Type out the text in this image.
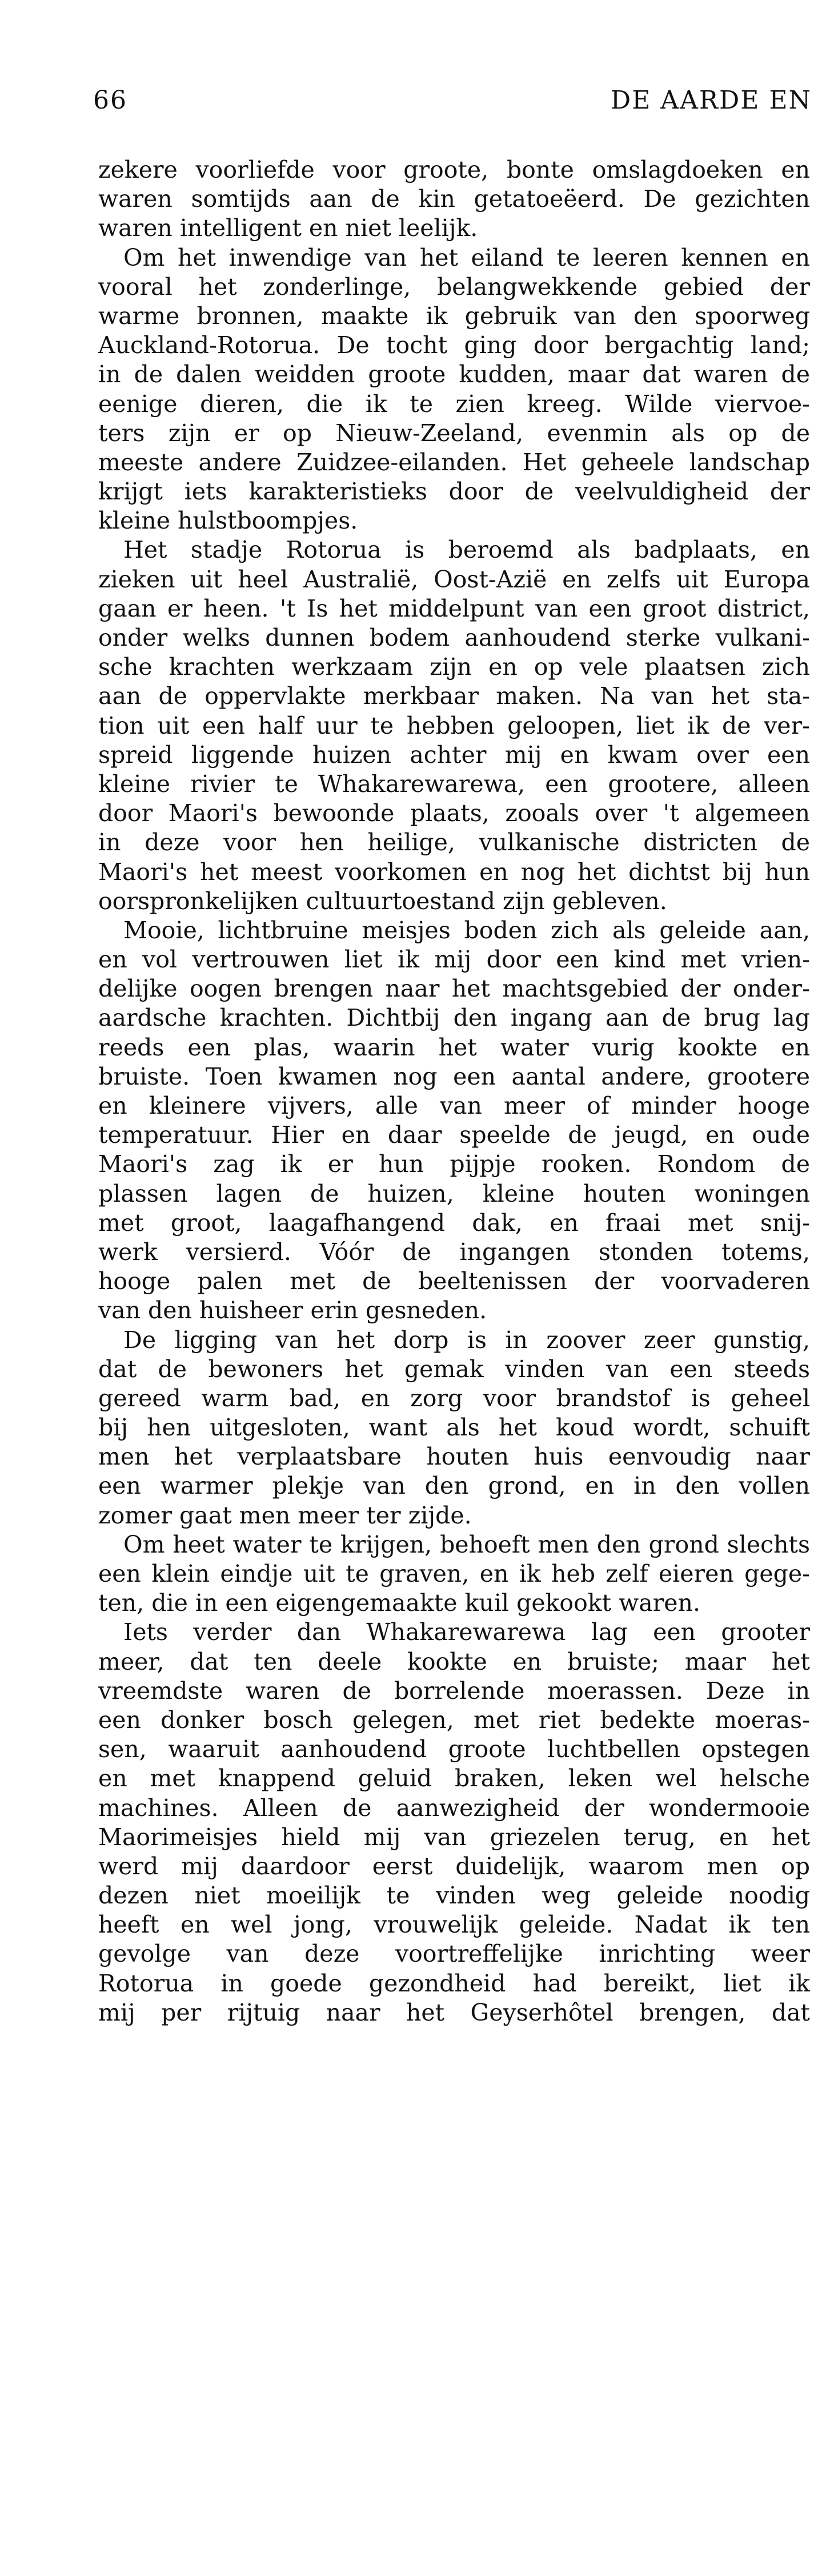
66	DE AARDE EN
zekere voorliefde voor groote, bonte omslagdoeken en
waren somtijds aan de kin getatoeëerd. De gezichten
waren intelligent en niet leelijk.
Om het inwendige van het eiland te leeren kennen en
vooral het zonderlinge, belangwekkende gebied der
warme bronnen, maakte ik gebruik van den spoorweg
Auckland-Rotorua. De tocht ging door bergachtig land;
in de dalen weidden groote kudden, maar dat waren de
eenige dieren, die ik te zien kreeg. Wilde viervoe-
ters zijn er op Nieuw-Zeeland, evenmin als op de
meeste andere Zuidzee-eilanden. Het geheele landschap
krijgt iets karakteristieks door de veelvuldigheid der
kleine hulstboompjes.
Het stadje Rotorua is beroemd als badplaats, en
zieken uit heel Australië, Oost-Azië en zelfs uit Europa
gaan er heen. 't Is het middelpunt van een groot district,
onder welks dunnen bodem aanhoudend sterke vulkani-
sche krachten werkzaam zijn en op vele plaatsen zich
aan de oppervlakte merkbaar maken. Na van het sta-
tion uit een half uur te hebben geloopen, liet ik de ver-
spreid liggende huizen achter mij en kwam over een
kleine rivier te Whakarewarewa, een grootere, alleen
door Maori's bewoonde plaats, zooals over 't algemeen
in deze voor hen heilige, vulkanische districten de
Maori's het meest voorkomen en nog het dichtst bij hun
oorspronkelijken cultuurtoestand zijn gebleven.
Mooie, lichtbruine meisjes boden zich als geleide aan,
en vol vertrouwen liet ik mij door een kind met vrien-
delijke oogen brengen naar het machtsgebied der onder-
aardsche krachten. Dichtbij den ingang aan de brug lag
reeds een plas, waarin het water vurig kookte en
bruiste. Toen kwamen nog een aantal andere, grootere
en kleinere vijvers, alle van meer of minder hooge
temperatuur. Hier en daar speelde de jeugd, en oude
Maori's zag ik er hun pijpje rooken. Rondom de
plassen lagen de huizen, kleine houten woningen
met groot, laagafhangend dak, en fraai met snij-
werk versierd. Vóór de ingangen stonden totems,
hooge palen met de beeltenissen der voorvaderen
van den huisheer erin gesneden.
De ligging van het dorp is in zoover zeer gunstig,
dat de bewoners het gemak vinden van een steeds
gereed warm bad, en zorg voor brandstof is geheel
bij hen uitgesloten, want als het koud wordt, schuift
men het verplaatsbare houten huis eenvoudig naar
een warmer plekje van den grond, en in den vollen
zomer gaat men meer ter zijde.
Om heet water te krijgen, behoeft men den grond slechts
een klein eindje uit te graven, en ik heb zelf eieren gege-
ten, die in een eigengemaakte kuil gekookt waren.
Iets verder dan Whakarewarewa lag een grooter
meer, dat ten deele kookte en bruiste; maar het
vreemdste waren de borrelende moerassen. Deze in
een donker bosch gelegen, met riet bedekte moeras-
sen, waaruit aanhoudend groote luchtbellen opstegen
en met knappend geluid braken, leken wel helsche
machines. Alleen de aanwezigheid der wondermooie
Maorimeisjes hield mij van griezelen terug, en het
werd mij daardoor eerst duidelijk, waarom men op
dezen niet moeilijk te vinden weg geleide noodig
heeft en wel jong, vrouwelijk geleide. Nadat ik ten
gevolge van deze voortreffelijke inrichting weer
Rotorua in goede gezondheid had bereikt, liet ik
mij per rijtuig naar het Geyserhôtel brengen, dat
